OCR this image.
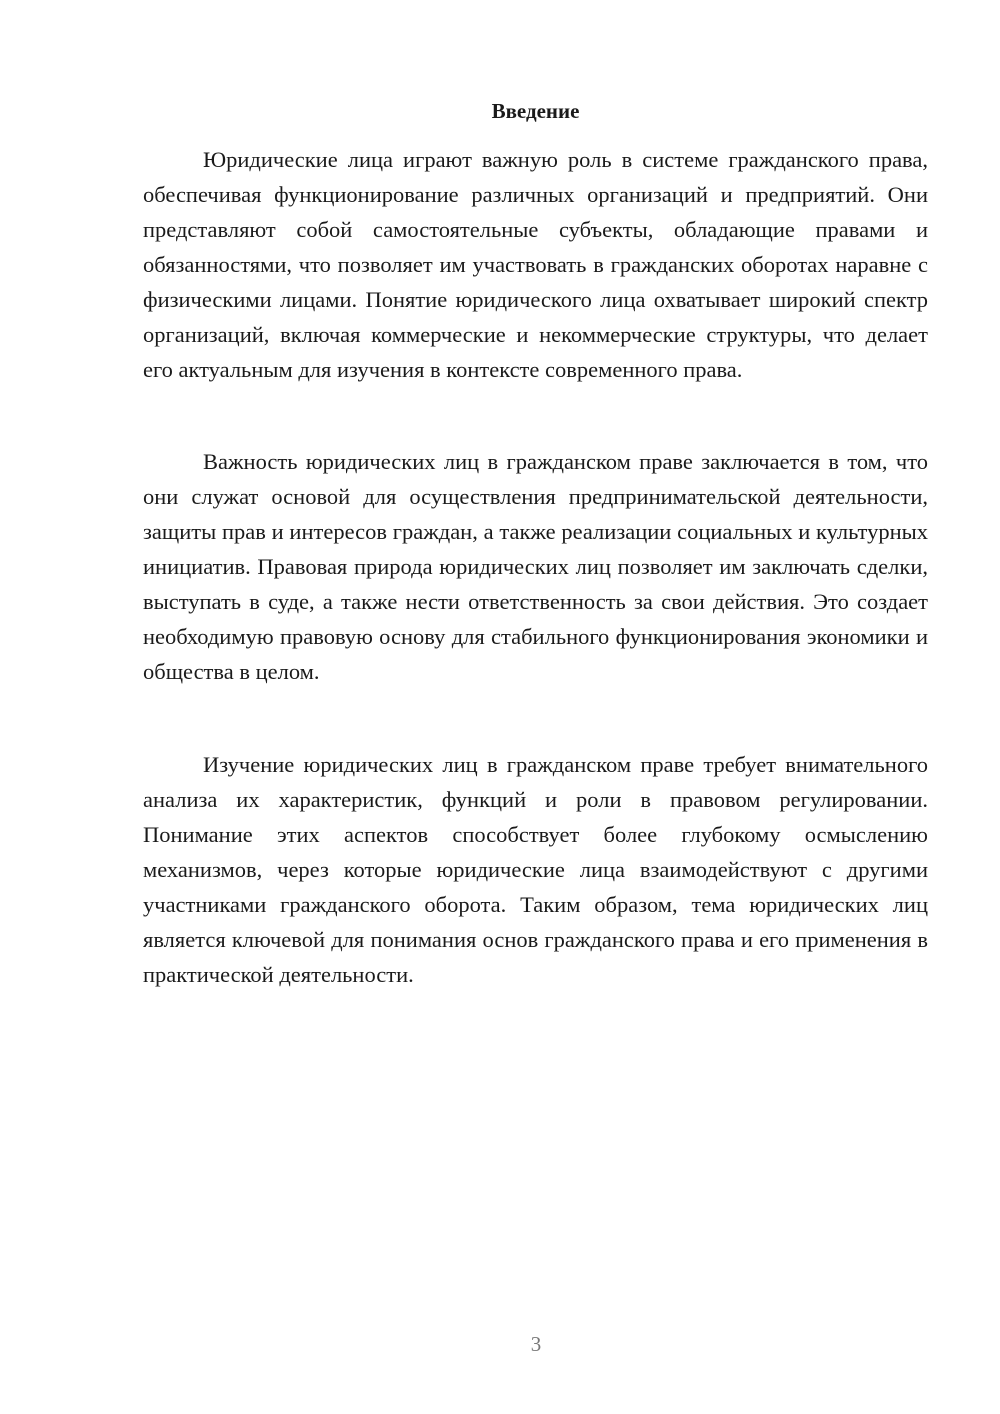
Введение

Юридические лица играют важную роль в системе гражданского права, обеспечивая функционирование различных организаций и предприятий. Они представляют собой самостоятельные субъекты, обладающие правами и обязанностями, что позволяет им участвовать в гражданских оборотах наравне с физическими лицами. Понятие юридического лица охватывает широкий спектр организаций, включая коммерческие и некоммерческие структуры, что делает его актуальным для изучения в контексте современного права.

Важность юридических лиц в гражданском праве заключается в том, что они служат основой для осуществления предпринимательской деятельности, защиты прав и интересов граждан, а также реализации социальных и культурных инициатив. Правовая природа юридических лиц позволяет им заключать сделки, выступать в суде, а также нести ответственность за свои действия. Это создает необходимую правовую основу для стабильного функционирования экономики и общества в целом.

Изучение юридических лиц в гражданском праве требует внимательного анализа их характеристик, функций и роли в правовом регулировании. Понимание этих аспектов способствует более глубокому осмыслению механизмов, через которые юридические лица взаимодействуют с другими участниками гражданского оборота. Таким образом, тема юридических лиц является ключевой для понимания основ гражданского права и его применения в практической деятельности.

3
